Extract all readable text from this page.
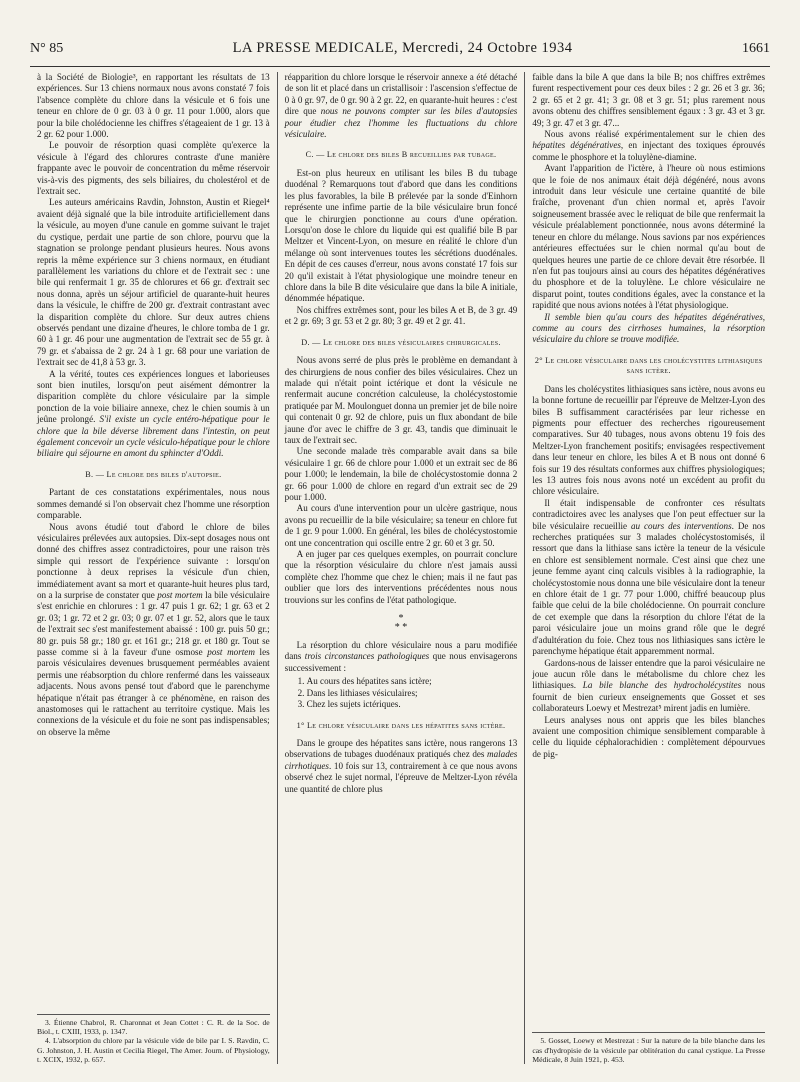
N° 85	LA PRESSE MEDICALE, Mercredi, 24 Octobre 1934	1661

à la Société de Biologie³, en rapportant les résultats de 13 expériences. Sur 13 chiens normaux nous avons constaté 7 fois l'absence complète du chlore dans la vésicule et 6 fois une teneur en chlore de 0 gr. 03 à 0 gr. 11 pour 1.000, alors que pour la bile cholédocienne les chiffres s'étageaient de 1 gr. 13 à 2 gr. 62 pour 1.000.

Le pouvoir de résorption quasi complète qu'exerce la vésicule à l'égard des chlorures contraste d'une manière frappante avec le pouvoir de concentration du même réservoir vis-à-vis des pigments, des sels biliaires, du cholestérol et de l'extrait sec.

Les auteurs américains Ravdin, Johnston, Austin et Riegel⁴ avaient déjà signalé que la bile introduite artificiellement dans la vésicule, au moyen d'une canule en gomme suivant le trajet du cystique, perdait une partie de son chlore, pourvu que la stagnation se prolonge pendant plusieurs heures. Nous avons repris la même expérience sur 3 chiens normaux, en étudiant parallèlement les variations du chlore et de l'extrait sec : une bile qui renfermait 1 gr. 35 de chlorures et 66 gr. d'extrait sec nous donna, après un séjour artificiel de quarante-huit heures dans la vésicule, le chiffre de 200 gr. d'extrait contrastant avec la disparition complète du chlore. Sur deux autres chiens observés pendant une dizaine d'heures, le chlore tomba de 1 gr. 60 à 1 gr. 46 pour une augmentation de l'extrait sec de 55 gr. à 79 gr. et s'abaissa de 2 gr. 24 à 1 gr. 68 pour une variation de l'extrait sec de 41,8 à 53 gr. 3.

A la vérité, toutes ces expériences longues et laborieuses sont bien inutiles, lorsqu'on peut aisément démontrer la disparition complète du chlore vésiculaire par la simple ponction de la voie biliaire annexe, chez le chien soumis à un jeûne prolongé. S'il existe un cycle entéro-hépatique pour le chlore que la bile déverse librement dans l'intestin, on peut également concevoir un cycle vésiculo-hépatique pour le chlore biliaire qui séjourne en amont du sphincter d'Oddi.

B. — Le chlore des biles d'autopsie.

Partant de ces constatations expérimentales, nous nous sommes demandé si l'on observait chez l'homme une résorption comparable.

Nous avons étudié tout d'abord le chlore de biles vésiculaires prélevées aux autopsies. Dix-sept dosages nous ont donné des chiffres assez contradictoires, pour une raison très simple qui ressort de l'expérience suivante : lorsqu'on ponctionne à deux reprises la vésicule d'un chien, immédiatement avant sa mort et quarante-huit heures plus tard, on a la surprise de constater que post mortem la bile vésiculaire s'est enrichie en chlorures : 1 gr. 47 puis 1 gr. 62; 1 gr. 63 et 2 gr. 03; 1 gr. 72 et 2 gr. 03; 0 gr. 07 et 1 gr. 52, alors que le taux de l'extrait sec s'est manifestement abaissé : 100 gr. puis 50 gr.; 80 gr. puis 58 gr.; 180 gr. et 161 gr.; 218 gr. et 180 gr. Tout se passe comme si à la faveur d'une osmose post mortem les parois vésiculaires devenues brusquement perméables avaient permis une réabsorption du chlore renfermé dans les vaisseaux adjacents. Nous avons pensé tout d'abord que le parenchyme hépatique n'était pas étranger à ce phénomène, en raison des anastomoses qui le rattachent au territoire cystique. Mais les connexions de la vésicule et du foie ne sont pas indispensables; on observe la même

3. Étienne Chabrol, R. Charonnat et Jean Cottet : C. R. de la Soc. de Biol., t. CXIII, 1933, p. 1347.

4. L'absorption du chlore par la vésicule vide de bile par I. S. Ravdin, C. G. Johnston, J. H. Austin et Cecilia Riegel, The Amer. Journ. of Physiology, t. XCIX, 1932, p. 657.

réapparition du chlore lorsque le réservoir annexe a été détaché de son lit et placé dans un cristallisoir : l'ascension s'effectue de 0 à 0 gr. 97, de 0 gr. 90 à 2 gr. 22, en quarante-huit heures : c'est dire que nous ne pouvons compter sur les biles d'autopsies pour étudier chez l'homme les fluctuations du chlore vésiculaire.

C. — Le chlore des biles B recueillies par tubage.

Est-on plus heureux en utilisant les biles B du tubage duodénal ? Remarquons tout d'abord que dans les conditions les plus favorables, la bile B prélevée par la sonde d'Einhorn représente une infime partie de la bile vésiculaire brun foncé que le chirurgien ponctionne au cours d'une opération. Lorsqu'on dose le chlore du liquide qui est qualifié bile B par Meltzer et Vincent-Lyon, on mesure en réalité le chlore d'un mélange où sont intervenues toutes les sécrétions duodénales. En dépit de ces causes d'erreur, nous avons constaté 17 fois sur 20 qu'il existait à l'état physiologique une moindre teneur en chlore dans la bile B dite vésiculaire que dans la bile A initiale, dénommée hépatique.

Nos chiffres extrêmes sont, pour les biles A et B, de 3 gr. 49 et 2 gr. 69; 3 gr. 53 et 2 gr. 80; 3 gr. 49 et 2 gr. 41.

D. — Le chlore des biles vésiculaires chirurgicales.

Nous avons serré de plus près le problème en demandant à des chirurgiens de nous confier des biles vésiculaires. Chez un malade qui n'était point ictérique et dont la vésicule ne renfermait aucune concrétion calculeuse, la cholécystostomie pratiquée par M. Moulonguet donna un premier jet de bile noire qui contenait 0 gr. 92 de chlore, puis un flux abondant de bile jaune d'or avec le chiffre de 3 gr. 43, tandis que diminuait le taux de l'extrait sec.

Une seconde malade très comparable avait dans sa bile vésiculaire 1 gr. 66 de chlore pour 1.000 et un extrait sec de 86 pour 1.000; le lendemain, la bile de cholécystostomie donna 2 gr. 66 pour 1.000 de chlore en regard d'un extrait sec de 29 pour 1.000.

Au cours d'une intervention pour un ulcère gastrique, nous avons pu recueillir de la bile vésiculaire; sa teneur en chlore fut de 1 gr. 9 pour 1.000. En général, les biles de cholécystostomie ont une concentration qui oscille entre 2 gr. 60 et 3 gr. 50.

A en juger par ces quelques exemples, on pourrait conclure que la résorption vésiculaire du chlore n'est jamais aussi complète chez l'homme que chez le chien; mais il ne faut pas oublier que lors des interventions précédentes nous nous trouvions sur les confins de l'état pathologique.

*
* *

La résorption du chlore vésiculaire nous a paru modifiée dans trois circonstances pathologiques que nous envisagerons successivement :

1. Au cours des hépatites sans ictère;
2. Dans les lithiases vésiculaires;
3. Chez les sujets ictériques.
1° Le chlore vésiculaire dans les hépatites sans ictère.

Dans le groupe des hépatites sans ictère, nous rangerons 13 observations de tubages duodénaux pratiqués chez des malades cirrhotiques. 10 fois sur 13, contrairement à ce que nous avons observé chez le sujet normal, l'épreuve de Meltzer-Lyon révéla une quantité de chlore plus

faible dans la bile A que dans la bile B; nos chiffres extrêmes furent respectivement pour ces deux biles : 2 gr. 26 et 3 gr. 36; 2 gr. 65 et 2 gr. 41; 3 gr. 08 et 3 gr. 51; plus rarement nous avons obtenu des chiffres sensiblement égaux : 3 gr. 43 et 3 gr. 49; 3 gr. 47 et 3 gr. 47...

Nous avons réalisé expérimentalement sur le chien des hépatites dégénératives, en injectant des toxiques éprouvés comme le phosphore et la toluylène-diamine.

Avant l'apparition de l'ictère, à l'heure où nous estimions que le foie de nos animaux était déjà dégénéré, nous avons introduit dans leur vésicule une certaine quantité de bile fraîche, provenant d'un chien normal et, après l'avoir soigneusement brassée avec le reliquat de bile que renfermait la vésicule préalablement ponctionnée, nous avons déterminé la teneur en chlore du mélange. Nous savions par nos expériences antérieures effectuées sur le chien normal qu'au bout de quelques heures une partie de ce chlore devait être résorbée. Il n'en fut pas toujours ainsi au cours des hépatites dégénératives du phosphore et de la toluylène. Le chlore vésiculaire ne disparut point, toutes conditions égales, avec la constance et la rapidité que nous avions notées à l'état physiologique.

Il semble bien qu'au cours des hépatites dégénératives, comme au cours des cirrhoses humaines, la résorption vésiculaire du chlore se trouve modifiée.

2° Le chlore vésiculaire dans les cholécystites lithiasiques sans ictère.

Dans les cholécystites lithiasiques sans ictère, nous avons eu la bonne fortune de recueillir par l'épreuve de Meltzer-Lyon des biles B suffisamment caractérisées par leur richesse en pigments pour effectuer des recherches rigoureusement comparatives. Sur 40 tubages, nous avons obtenu 19 fois des Meltzer-Lyon franchement positifs; envisagées respectivement dans leur teneur en chlore, les biles A et B nous ont donné 6 fois sur 19 des résultats conformes aux chiffres physiologiques; les 13 autres fois nous avons noté un excédent au profit du chlore vésiculaire.

Il était indispensable de confronter ces résultats contradictoires avec les analyses que l'on peut effectuer sur la bile vésiculaire recueillie au cours des interventions. De nos recherches pratiquées sur 3 malades cholécystostomisés, il ressort que dans la lithiase sans ictère la teneur de la vésicule en chlore est sensiblement normale. C'est ainsi que chez une jeune femme ayant cinq calculs visibles à la radiographie, la cholécystostomie nous donna une bile vésiculaire dont la teneur en chlore était de 1 gr. 77 pour 1.000, chiffré beaucoup plus faible que celui de la bile cholédocienne. On pourrait conclure de cet exemple que dans la résorption du chlore l'état de la paroi vésiculaire joue un moins grand rôle que le degré d'adultération du foie. Chez tous nos lithiasiques sans ictère le parenchyme hépatique était apparemment normal.

Gardons-nous de laisser entendre que la paroi vésiculaire ne joue aucun rôle dans le métabolisme du chlore chez les lithiasiques. La bile blanche des hydrocholécystites nous fournit de bien curieux enseignements que Gosset et ses collaborateurs Loewy et Mestrezat⁵ mirent jadis en lumière.

Leurs analyses nous ont appris que les biles blanches avaient une composition chimique sensiblement comparable à celle du liquide céphalorachidien : complètement dépourvues de pig-

5. Gosset, Loewy et Mestrezat : Sur la nature de la bile blanche dans les cas d'hydropisie de la vésicule par oblitération du canal cystique. La Presse Médicale, 8 Juin 1921, p. 453.
